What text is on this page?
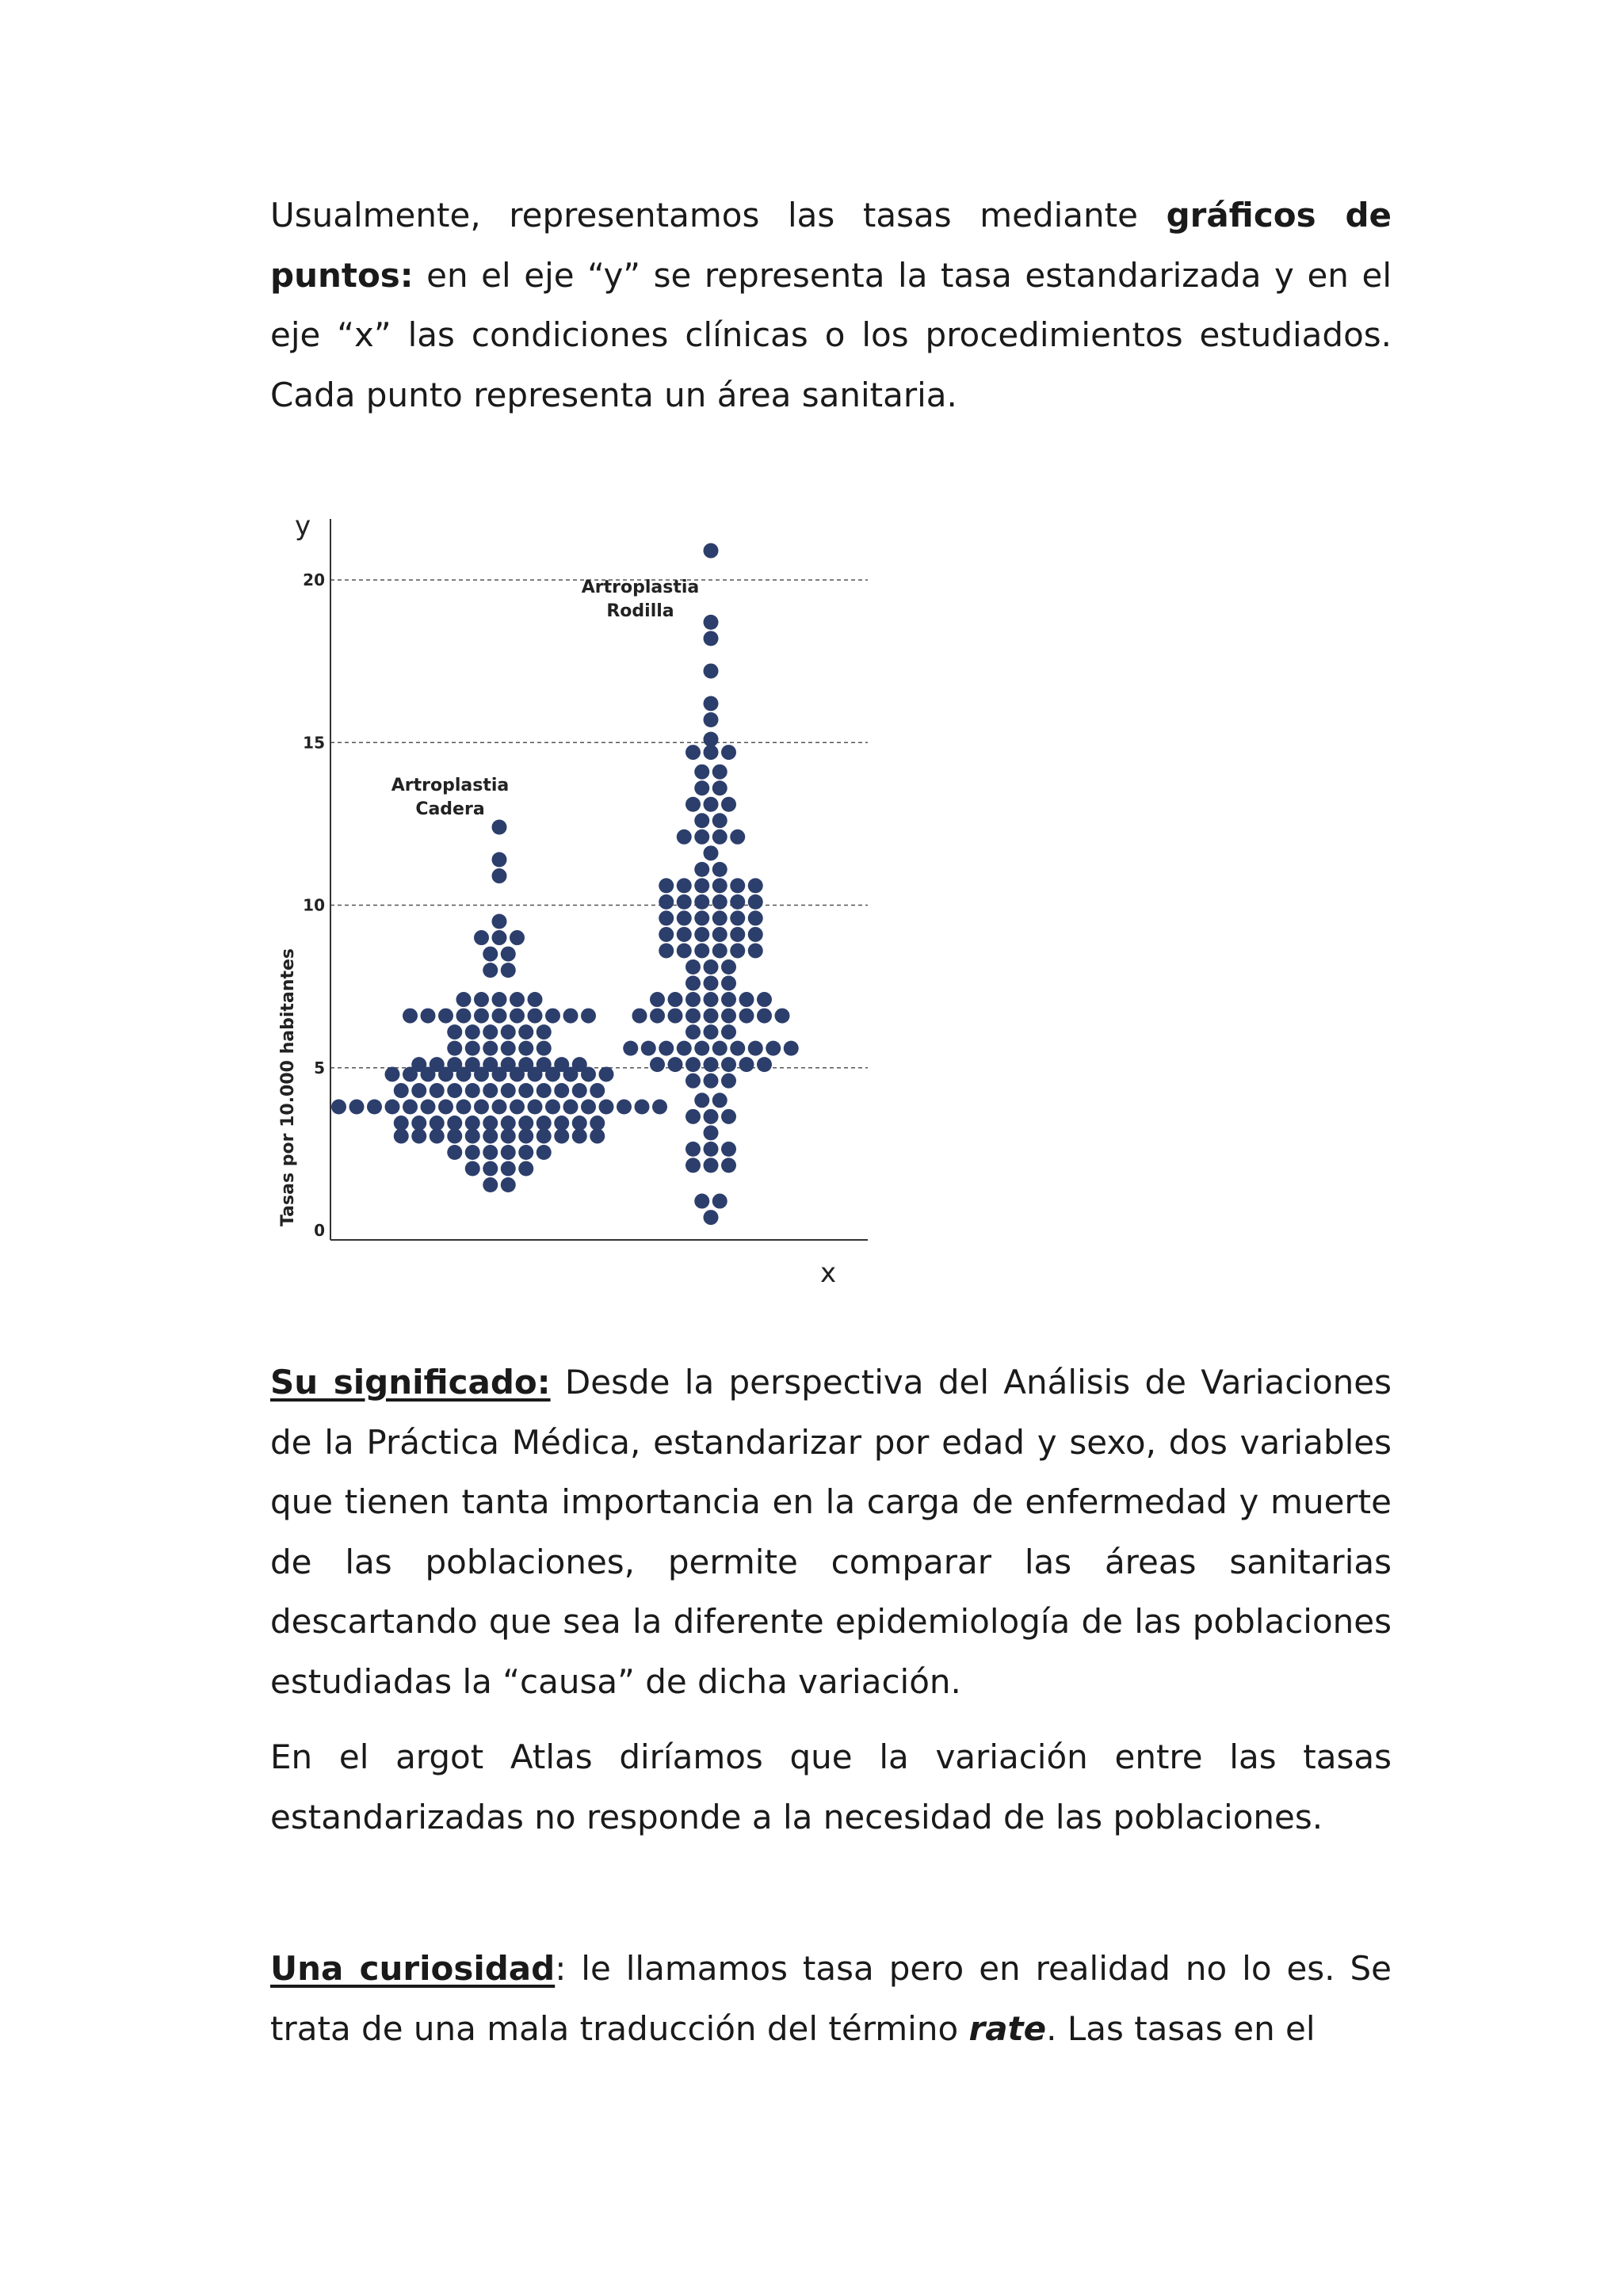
Usualmente, representamos las tasas mediante gráficos de puntos: en el eje “y” se representa la tasa estandarizada y en el eje “x” las condiciones clínicas o los procedimientos estudiados. Cada punto representa un área sanitaria.

y
x
Tasas por 10.000 habitantes
0
5
10
15
20
Artroplastia
Cadera
Artroplastia
Rodilla

Su significado: Desde la perspectiva del Análisis de Variaciones de la Práctica Médica, estandarizar por edad y sexo, dos variables que tienen tanta importancia en la carga de enfermedad y muerte de las poblaciones, permite comparar las áreas sanitarias descartando que sea la diferente epidemiología de las poblaciones estudiadas la “causa” de dicha variación.

En el argot Atlas diríamos que la variación entre las tasas estandarizadas no responde a la necesidad de las poblaciones.

Una curiosidad: le llamamos tasa pero en realidad no lo es. Se trata de una mala traducción del término rate. Las tasas en el
